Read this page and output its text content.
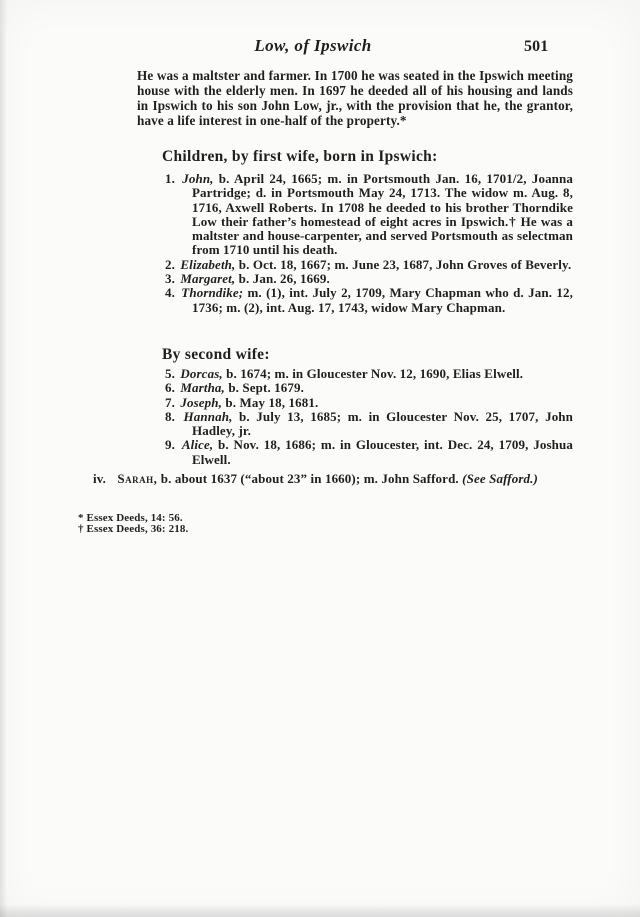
Low, of Ipswich	501

He was a maltster and farmer. In 1700 he was seated in the Ipswich meeting house with the elderly men. In 1697 he deeded all of his housing and lands in Ipswich to his son John Low, jr., with the provision that he, the grantor, have a life interest in one-half of the property.*

Children, by first wife, born in Ipswich:
1. John, b. April 24, 1665; m. in Portsmouth Jan. 16, 1701/2, Joanna Partridge; d. in Portsmouth May 24, 1713. The widow m. Aug. 8, 1716, Axwell Roberts. In 1708 he deeded to his brother Thorndike Low their father’s homestead of eight acres in Ipswich.† He was a maltster and house-carpenter, and served Portsmouth as selectman from 1710 until his death.
2. Elizabeth, b. Oct. 18, 1667; m. June 23, 1687, John Groves of Beverly.
3. Margaret, b. Jan. 26, 1669.
4. Thorndike; m. (1), int. July 2, 1709, Mary Chapman who d. Jan. 12, 1736; m. (2), int. Aug. 17, 1743, widow Mary Chapman.
By second wife:
5. Dorcas, b. 1674; m. in Gloucester Nov. 12, 1690, Elias Elwell.
6. Martha, b. Sept. 1679.
7. Joseph, b. May 18, 1681.
8. Hannah, b. July 13, 1685; m. in Gloucester Nov. 25, 1707, John Hadley, jr.
9. Alice, b. Nov. 18, 1686; m. in Gloucester, int. Dec. 24, 1709, Joshua Elwell.

iv. Sarah, b. about 1637 (“about 23” in 1660); m. John Safford. (See Safford.)

* Essex Deeds, 14: 56.

† Essex Deeds, 36: 218.
